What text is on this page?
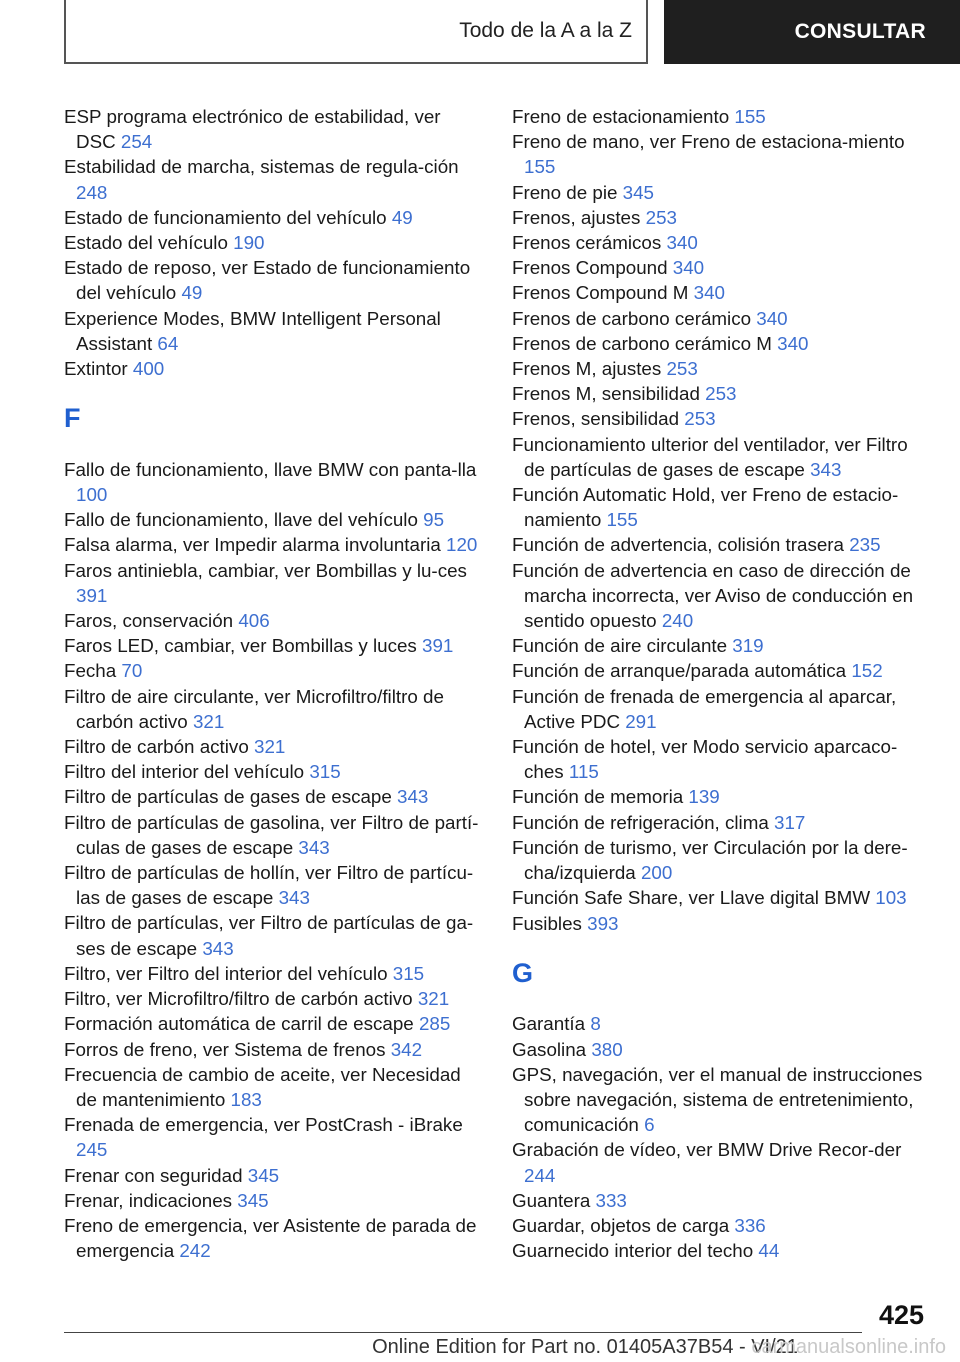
Todo de la A a la Z	CONSULTAR
ESP programa electrónico de estabilidad, ver DSC 254
Estabilidad de marcha, sistemas de regula-ción 248
Estado de funcionamiento del vehículo 49
Estado del vehículo 190
Estado de reposo, ver Estado de funcionamiento del vehículo 49
Experience Modes, BMW Intelligent Personal Assistant 64
Extintor 400
F
Fallo de funcionamiento, llave BMW con panta-lla 100
Fallo de funcionamiento, llave del vehículo 95
Falsa alarma, ver Impedir alarma involuntaria 120
Faros antiniebla, cambiar, ver Bombillas y lu-ces 391
Faros, conservación 406
Faros LED, cambiar, ver Bombillas y luces 391
Fecha 70
Filtro de aire circulante, ver Microfiltro/filtro de carbón activo 321
Filtro de carbón activo 321
Filtro del interior del vehículo 315
Filtro de partículas de gases de escape 343
Filtro de partículas de gasolina, ver Filtro de partí-culas de gases de escape 343
Filtro de partículas de hollín, ver Filtro de partícu-las de gases de escape 343
Filtro de partículas, ver Filtro de partículas de ga-ses de escape 343
Filtro, ver Filtro del interior del vehículo 315
Filtro, ver Microfiltro/filtro de carbón activo 321
Formación automática de carril de escape 285
Forros de freno, ver Sistema de frenos 342
Frecuencia de cambio de aceite, ver Necesidad de mantenimiento 183
Frenada de emergencia, ver PostCrash - iBrake 245
Frenar con seguridad 345
Frenar, indicaciones 345
Freno de emergencia, ver Asistente de parada de emergencia 242
Freno de estacionamiento 155
Freno de mano, ver Freno de estaciona-miento 155
Freno de pie 345
Frenos, ajustes 253
Frenos cerámicos 340
Frenos Compound 340
Frenos Compound M 340
Frenos de carbono cerámico 340
Frenos de carbono cerámico M 340
Frenos M, ajustes 253
Frenos M, sensibilidad 253
Frenos, sensibilidad 253
Funcionamiento ulterior del ventilador, ver Filtro de partículas de gases de escape 343
Función Automatic Hold, ver Freno de estacio-namiento 155
Función de advertencia, colisión trasera 235
Función de advertencia en caso de dirección de marcha incorrecta, ver Aviso de conducción en sentido opuesto 240
Función de aire circulante 319
Función de arranque/parada automática 152
Función de frenada de emergencia al aparcar, Active PDC 291
Función de hotel, ver Modo servicio aparcaco-ches 115
Función de memoria 139
Función de refrigeración, clima 317
Función de turismo, ver Circulación por la dere-cha/izquierda 200
Función Safe Share, ver Llave digital BMW 103
Fusibles 393
G
Garantía 8
Gasolina 380
GPS, navegación, ver el manual de instrucciones sobre navegación, sistema de entretenimiento, comunicación 6
Grabación de vídeo, ver BMW Drive Recor-der 244
Guantera 333
Guardar, objetos de carga 336
Guarnecido interior del techo 44
425
Online Edition for Part no. 01405A37B54 - VI/21
carmanualsonline.info
